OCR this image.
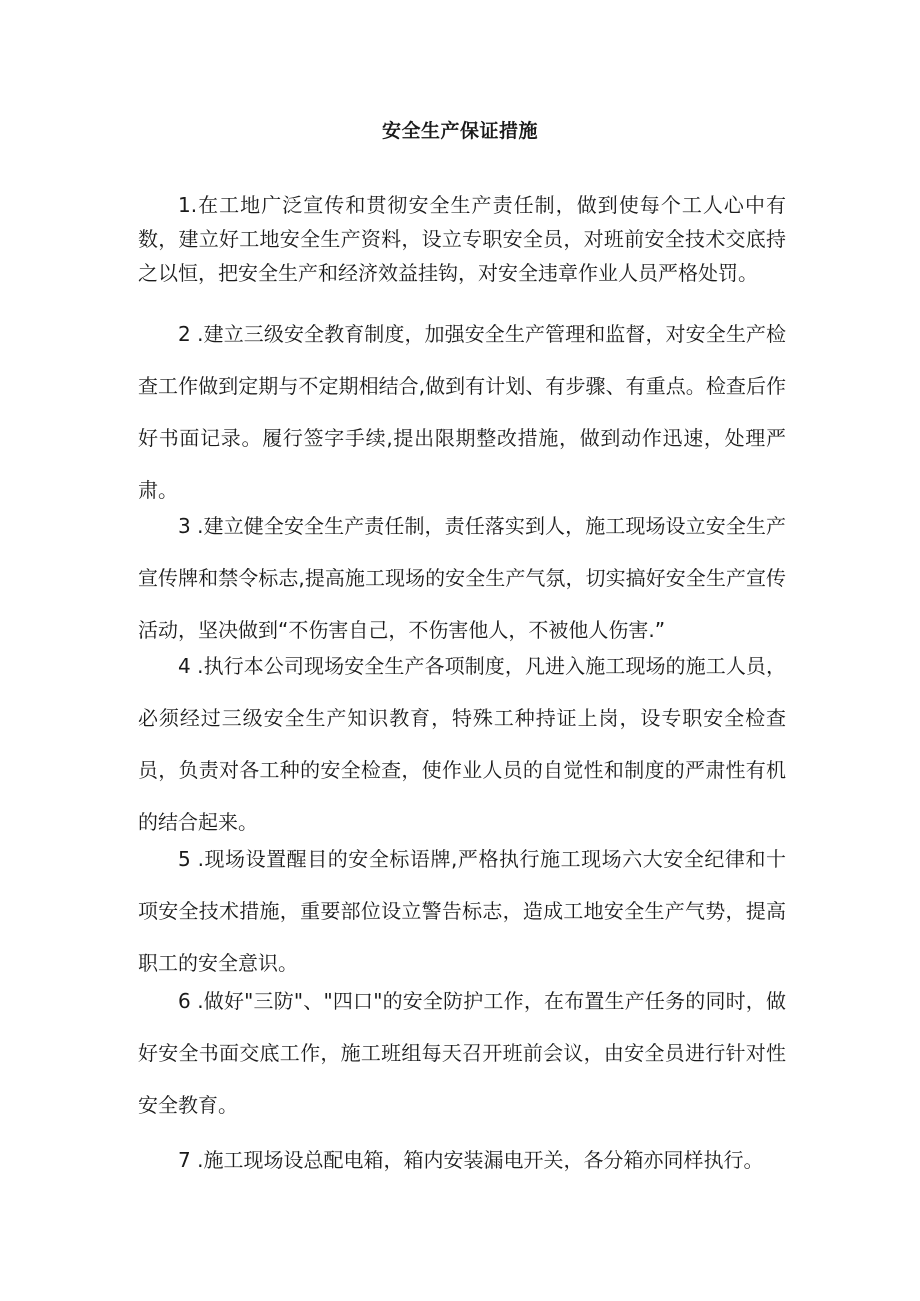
安全生产保证措施

1.在工地广泛宣传和贯彻安全生产责任制，做到使每个工人心中有数，建立好工地安全生产资料，设立专职安全员，对班前安全技术交底持之以恒，把安全生产和经济效益挂钩，对安全违章作业人员严格处罚。

2 .建立三级安全教育制度，加强安全生产管理和监督，对安全生产检查工作做到定期与不定期相结合,做到有计划、有步骤、有重点。检查后作好书面记录。履行签字手续,提出限期整改措施，做到动作迅速，处理严肃。

3 .建立健全安全生产责任制，责任落实到人，施工现场设立安全生产宣传牌和禁令标志,提高施工现场的安全生产气氛，切实搞好安全生产宣传活动，坚决做到“不伤害自己，不伤害他人，不被他人伤害.”

4 .执行本公司现场安全生产各项制度，凡进入施工现场的施工人员，必须经过三级安全生产知识教育，特殊工种持证上岗，设专职安全检查员，负责对各工种的安全检查，使作业人员的自觉性和制度的严肃性有机的结合起来。

5 .现场设置醒目的安全标语牌,严格执行施工现场六大安全纪律和十项安全技术措施，重要部位设立警告标志，造成工地安全生产气势，提高职工的安全意识。

6 .做好"三防"、"四口"的安全防护工作，在布置生产任务的同时，做好安全书面交底工作，施工班组每天召开班前会议，由安全员进行针对性安全教育。

7 .施工现场设总配电箱，箱内安装漏电开关，各分箱亦同样执行。
